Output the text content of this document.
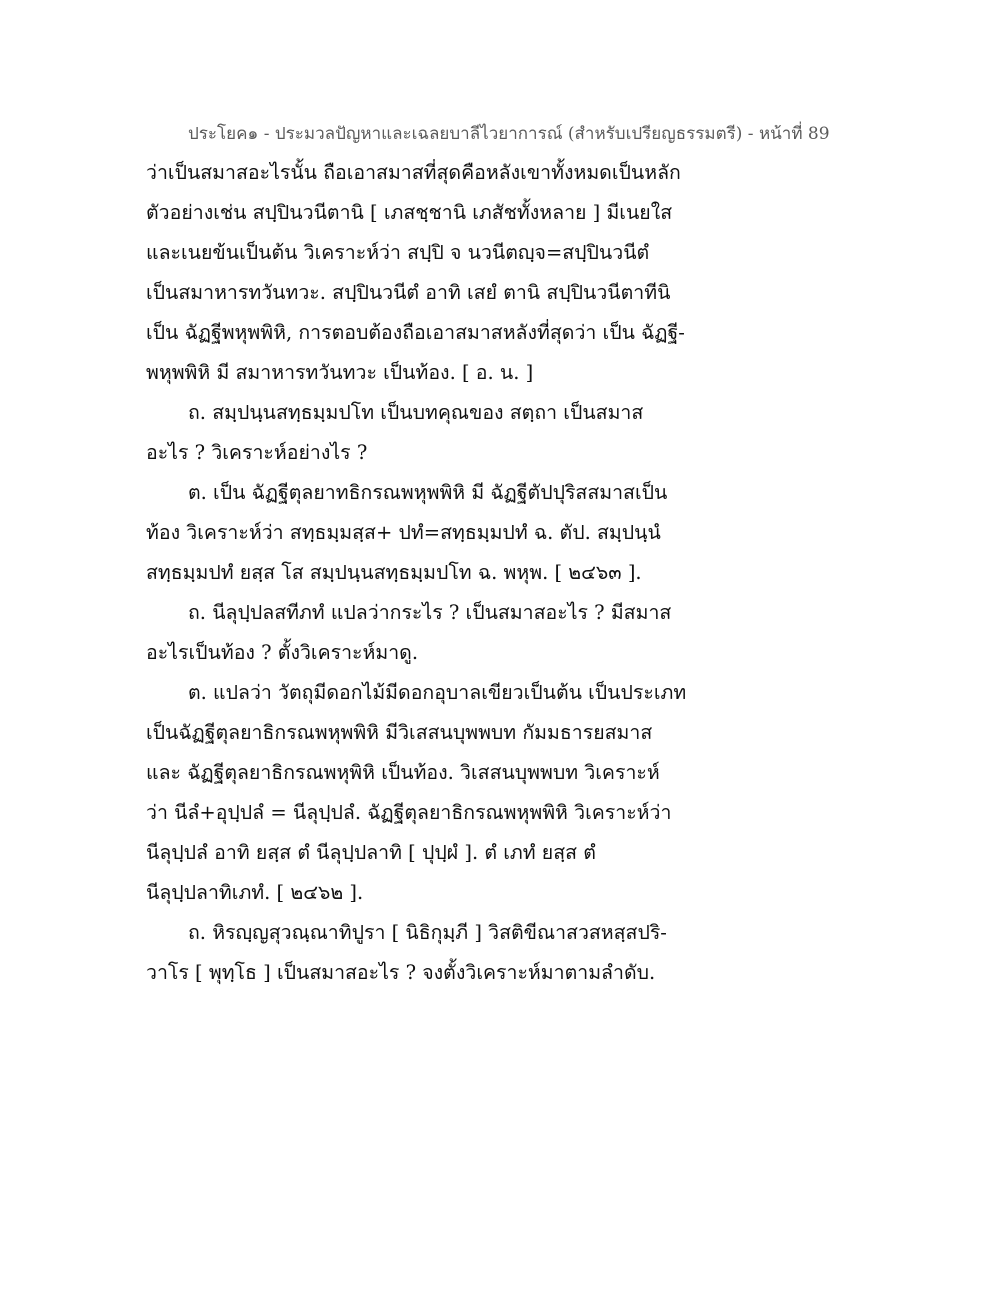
ประโยค๑ - ประมวลปัญหาและเฉลยบาลีไวยาการณ์ (สำหรับเปรียญธรรมตรี) - หน้าที่ 89
ว่าเป็นสมาสอะไรนั้น ถือเอาสมาสที่สุดคือหลังเขาทั้งหมดเป็นหลัก
ตัวอย่างเช่น สปฺปินวนีตานิ [ เภสชฺชานิ เภสัชทั้งหลาย ] มีเนยใส
และเนยข้นเป็นต้น วิเคราะห์ว่า สปฺปิ จ นวนีตญฺจ=สปฺปินวนีตํ
เป็นสมาหารทวันทวะ. สปฺปินวนีตํ อาทิ เสยํ ตานิ สปฺปินวนีตาทีนิ
เป็น ฉัฏฐีพหุพพิหิ, การตอบต้องถือเอาสมาสหลังที่สุดว่า เป็น ฉัฏฐี-
พหุพพิหิ มี สมาหารทวันทวะ เป็นท้อง. [ อ. น. ]
ถ. สมฺปนฺนสทฺธมฺมปโท เป็นบทคุณของ สตฺถา เป็นสมาส
อะไร ? วิเคราะห์อย่างไร ?
ต. เป็น ฉัฏฐีตุลยาทธิกรณพหุพพิหิ มี ฉัฏฐีตัปปุริสสมาสเป็น
ท้อง วิเคราะห์ว่า สทฺธมฺมสฺส+ ปทํ=สทฺธมฺมปทํ ฉ. ตัป. สมฺปนฺนํ
สทฺธมฺมปทํ ยสฺส โส สมฺปนฺนสทฺธมฺมปโท ฉ. พหุพ. [ ๒๔๖๓ ].
ถ. นีลุปฺปลสทีภทํ แปลว่ากระไร ? เป็นสมาสอะไร ? มีสมาส
อะไรเป็นท้อง ? ตั้งวิเคราะห์มาดู.
ต. แปลว่า วัตถุมีดอกไม้มีดอกอุบาลเขียวเป็นต้น เป็นประเภท
เป็นฉัฏฐีตุลยาธิกรณพหุพพิหิ มีวิเสสนบุพพบท กัมมธารยสมาส
และ ฉัฏฐีตุลยาธิกรณพหุพิหิ เป็นท้อง. วิเสสนบุพพบท วิเคราะห์
ว่า นีลํ+อุปฺปลํ = นีลุปฺปลํ. ฉัฏฐีตุลยาธิกรณพหุพพิหิ วิเคราะห์ว่า
นีลุปฺปลํ อาทิ ยสฺส ตํ นีลุปฺปลาทิ [ ปุปฺผํ ]. ตํ เภทํ ยสฺส ตํ
นีลุปฺปลาทิเภทํ. [ ๒๔๖๒ ].
ถ. หิรญฺญสุวณฺณาทิปูรา [ นิธิกุมฺภี ] วิสติขีณาสวสหสฺสปริ-
วาโร [ พุทฺโธ ] เป็นสมาสอะไร ? จงตั้งวิเคราะห์มาตามลำดับ.
